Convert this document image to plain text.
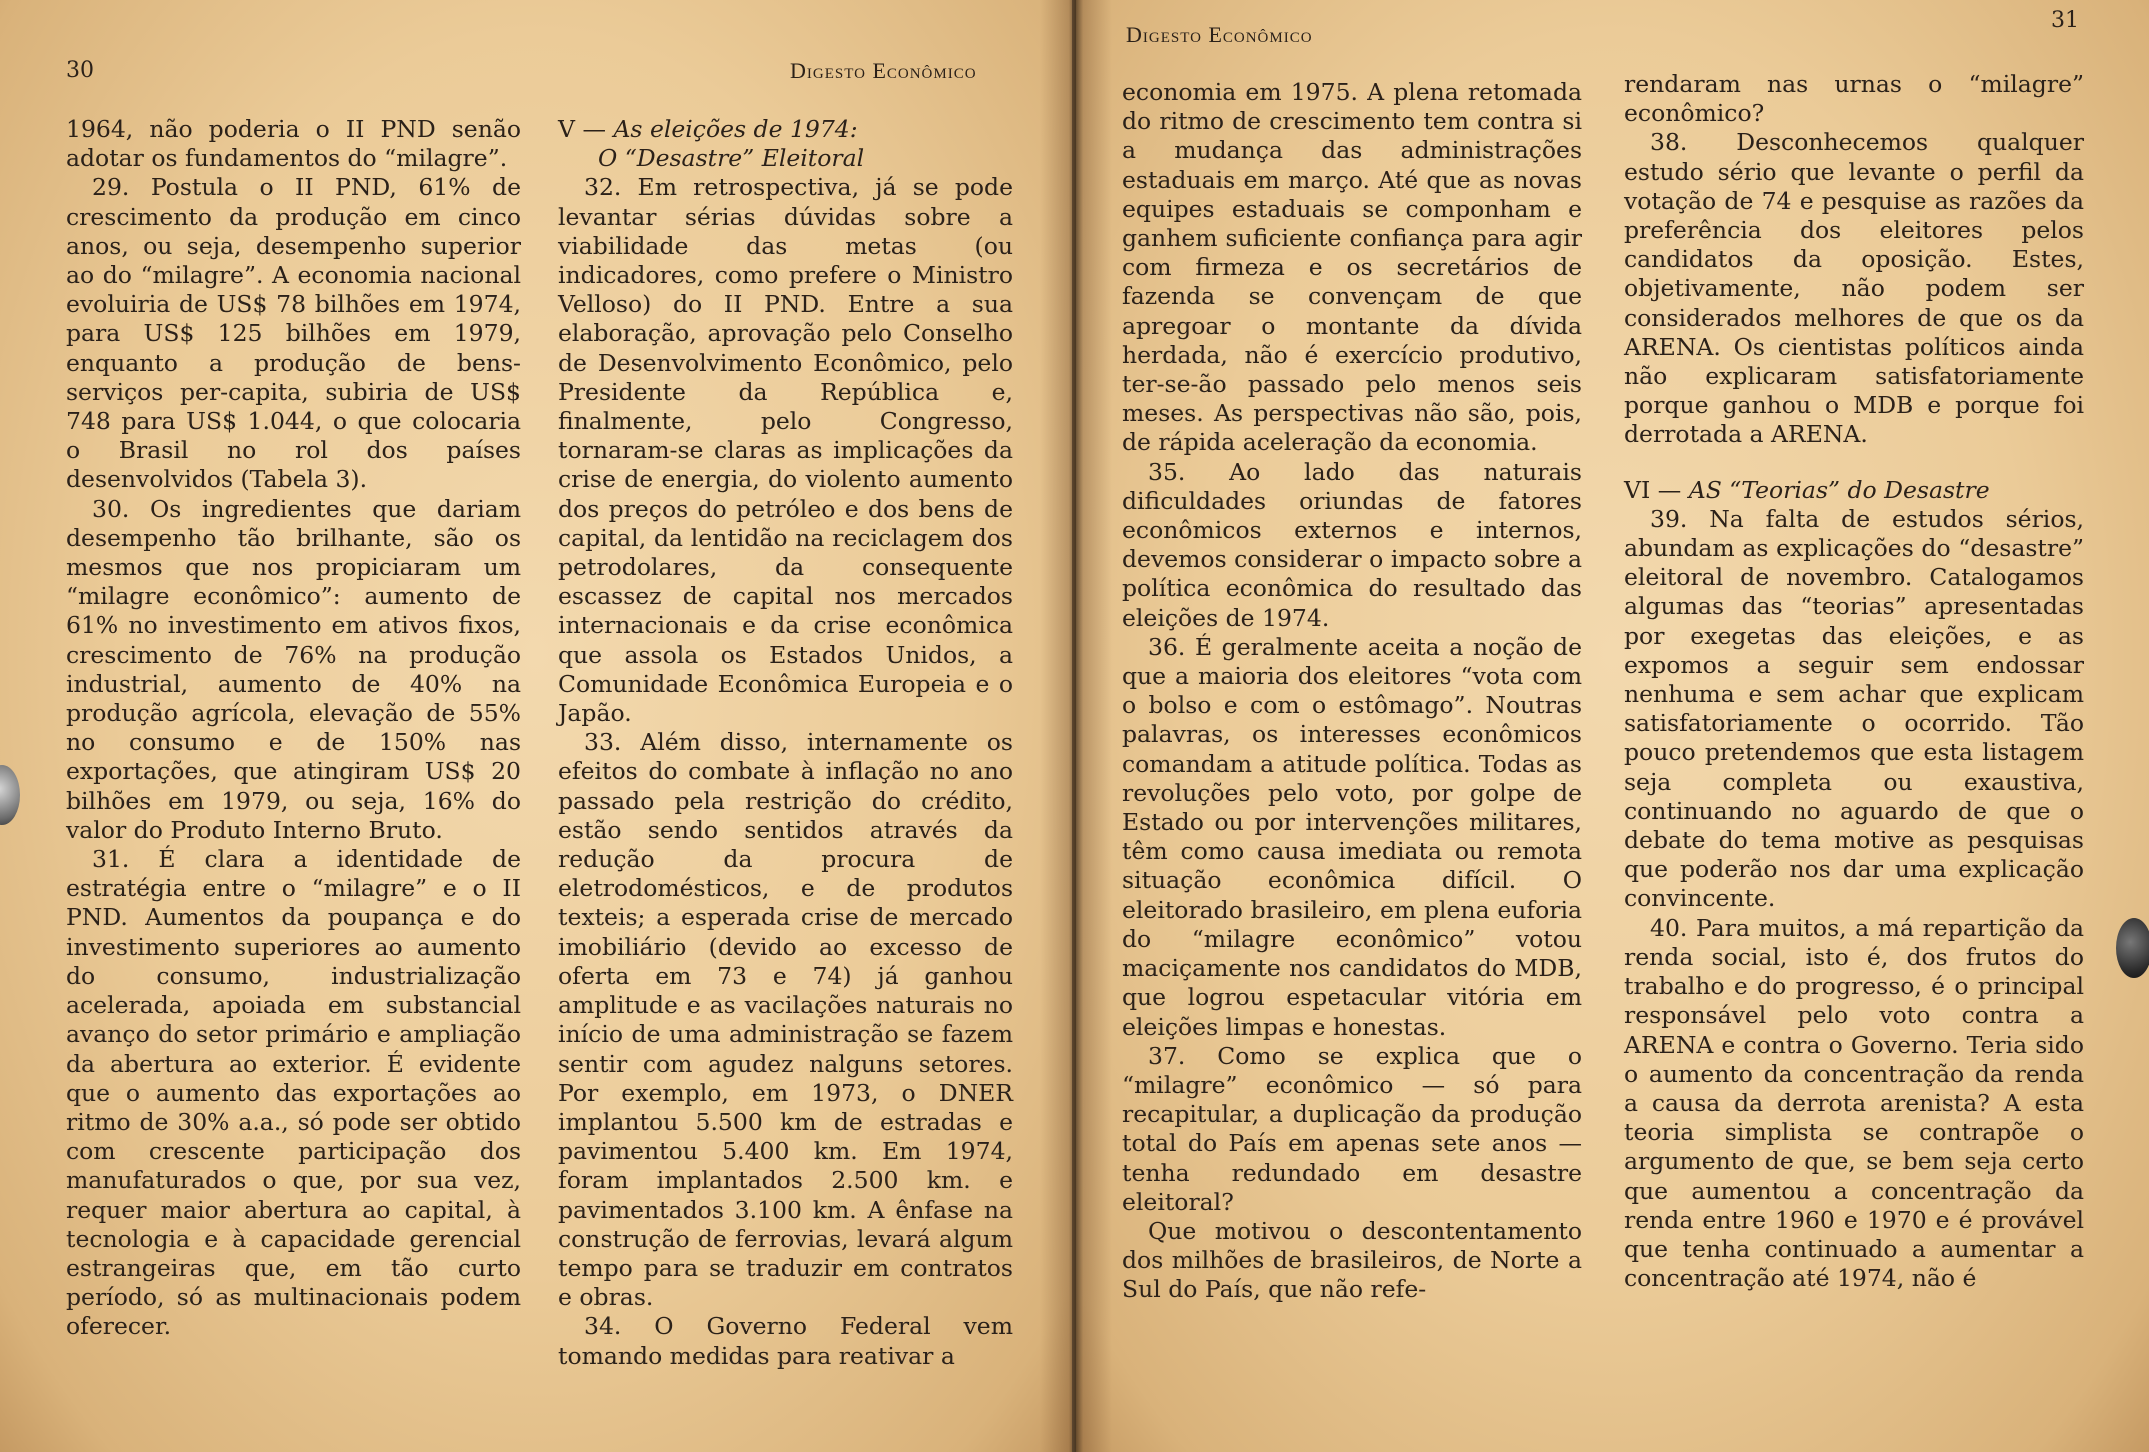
30	Digesto Econômico

1964, não poderia o II PND senão adotar os fundamentos do “milagre”.

29. Postula o II PND, 61% de crescimento da produção em cinco anos, ou seja, desempenho superior ao do “milagre”. A economia nacional evoluiria de US$ 78 bilhões em 1974, para US$ 125 bilhões em 1979, enquanto a produção de bens-serviços per-capita, subiria de US$ 748 para US$ 1.044, o que colocaria o Brasil no rol dos países desenvolvidos (Tabela 3).

30. Os ingredientes que dariam desempenho tão brilhante, são os mesmos que nos propiciaram um “milagre econômico”: aumento de 61% no investimento em ativos fixos, crescimento de 76% na produção industrial, aumento de 40% na produção agrícola, elevação de 55% no consumo e de 150% nas exportações, que atingiram US$ 20 bilhões em 1979, ou seja, 16% do valor do Produto Interno Bruto.

31. É clara a identidade de estratégia entre o “milagre” e o II PND. Aumentos da poupança e do investimento superiores ao aumento do consumo, industrialização acelerada, apoiada em substancial avanço do setor primário e ampliação da abertura ao exterior. É evidente que o aumento das exportações ao ritmo de 30% a.a., só pode ser obtido com crescente participação dos manufaturados o que, por sua vez, requer maior abertura ao capital, à tecnologia e à capacidade gerencial estrangeiras que, em tão curto período, só as multinacionais podem oferecer.

V — As eleições de 1974:
O “Desastre” Eleitoral

32. Em retrospectiva, já se pode levantar sérias dúvidas sobre a viabilidade das metas (ou indicadores, como prefere o Ministro Velloso) do II PND. Entre a sua elaboração, aprovação pelo Conselho de Desenvolvimento Econômico, pelo Presidente da República e, finalmente, pelo Congresso, tornaram-se claras as implicações da crise de energia, do violento aumento dos preços do petróleo e dos bens de capital, da lentidão na reciclagem dos petrodolares, da consequente escassez de capital nos mercados internacionais e da crise econômica que assola os Estados Unidos, a Comunidade Econômica Europeia e o Japão.

33. Além disso, internamente os efeitos do combate à inflação no ano passado pela restrição do crédito, estão sendo sentidos através da redução da procura de eletrodomésticos, e de produtos texteis; a esperada crise de mercado imobiliário (devido ao excesso de oferta em 73 e 74) já ganhou amplitude e as vacilações naturais no início de uma administração se fazem sentir com agudez nalguns setores. Por exemplo, em 1973, o DNER implantou 5.500 km de estradas e pavimentou 5.400 km. Em 1974, foram implantados 2.500 km. e pavimentados 3.100 km. A ênfase na construção de ferrovias, levará algum tempo para se traduzir em contratos e obras.

34. O Governo Federal vem tomando medidas para reativar a

Digesto Econômico
31

economia em 1975. A plena retomada do ritmo de crescimento tem contra si a mudança das administrações estaduais em março. Até que as novas equipes estaduais se componham e ganhem suficiente confiança para agir com firmeza e os secretários de fazenda se convençam de que apregoar o montante da dívida herdada, não é exercício produtivo, ter-se-ão passado pelo menos seis meses. As perspectivas não são, pois, de rápida aceleração da economia.

35. Ao lado das naturais dificuldades oriundas de fatores econômicos externos e internos, devemos considerar o impacto sobre a política econômica do resultado das eleições de 1974.

36. É geralmente aceita a noção de que a maioria dos eleitores “vota com o bolso e com o estômago”. Noutras palavras, os interesses econômicos comandam a atitude política. Todas as revoluções pelo voto, por golpe de Estado ou por intervenções militares, têm como causa imediata ou remota situação econômica difícil. O eleitorado brasileiro, em plena euforia do “milagre econômico” votou maciçamente nos candidatos do MDB, que logrou espetacular vitória em eleições limpas e honestas.

37. Como se explica que o “milagre” econômico — só para recapitular, a duplicação da produção total do País em apenas sete anos — tenha redundado em desastre eleitoral?

Que motivou o descontentamento dos milhões de brasileiros, de Norte a Sul do País, que não refe-

rendaram nas urnas o “milagre” econômico?

38. Desconhecemos qualquer estudo sério que levante o perfil da votação de 74 e pesquise as razões da preferência dos eleitores pelos candidatos da oposição. Estes, objetivamente, não podem ser considerados melhores de que os da ARENA. Os cientistas políticos ainda não explicaram satisfatoriamente porque ganhou o MDB e porque foi derrotada a ARENA.

VI — AS “Teorias” do Desastre

39. Na falta de estudos sérios, abundam as explicações do “desastre” eleitoral de novembro. Catalogamos algumas das “teorias” apresentadas por exegetas das eleições, e as expomos a seguir sem endossar nenhuma e sem achar que explicam satisfatoriamente o ocorrido. Tão pouco pretendemos que esta listagem seja completa ou exaustiva, continuando no aguardo de que o debate do tema motive as pesquisas que poderão nos dar uma explicação convincente.

40. Para muitos, a má repartição da renda social, isto é, dos frutos do trabalho e do progresso, é o principal responsável pelo voto contra a ARENA e contra o Governo. Teria sido o aumento da concentração da renda a causa da derrota arenista? A esta teoria simplista se contrapõe o argumento de que, se bem seja certo que aumentou a concentração da renda entre 1960 e 1970 e é provável que tenha continuado a aumentar a concentração até 1974, não é
